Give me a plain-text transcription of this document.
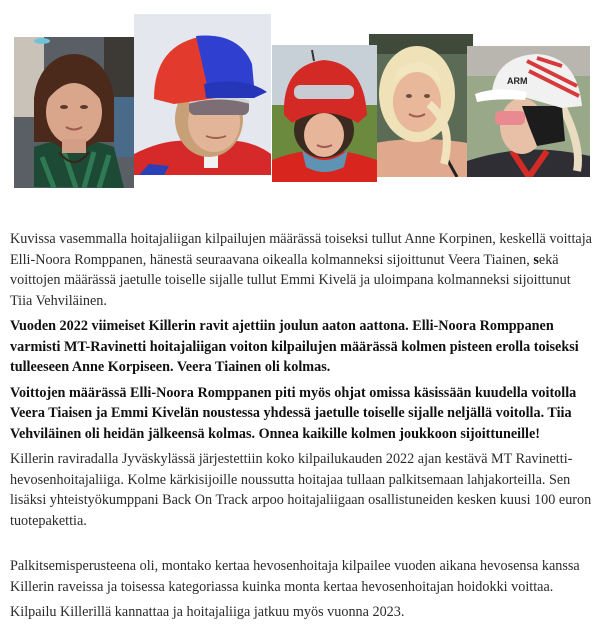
ARM

Kuvissa vasemmalla hoitajaliigan kilpailujen määrässä toiseksi tullut Anne Korpinen, keskellä voittaja Elli-Noora Romppanen, hänestä seuraavana oikealla kolmanneksi sijoittunut Veera Tiainen, sekä voittojen määrässä jaetulle toiselle sijalle tullut Emmi Kivelä ja uloimpana kolmanneksi sijoittunut Tiia Vehviläinen.

Vuoden 2022 viimeiset Killerin ravit ajettiin joulun aaton aattona. Elli-Noora Romppanen varmisti MT-Ravinetti hoitajaliigan voiton kilpailujen määrässä kolmen pisteen erolla toiseksi tulleeseen Anne Korpiseen. Veera Tiainen oli kolmas.

Voittojen määrässä Elli-Noora Romppanen piti myös ohjat omissa käsissään kuudella voitolla Veera Tiaisen ja Emmi Kivelän noustessa yhdessä jaetulle toiselle sijalle neljällä voitolla. Tiia Vehviläinen oli heidän jälkeensä kolmas. Onnea kaikille kolmen joukkoon sijoittuneille!

Killerin raviradalla Jyväskylässä järjestettiin koko kilpailukauden 2022 ajan kestävä MT Ravinetti-hevosenhoitajaliiga. Kolme kärkisijoille noussutta hoitajaa tullaan palkitsemaan lahjakorteilla. Sen lisäksi yhteistyökumppani Back On Track arpoo hoitajaliigaan osallistuneiden kesken kuusi 100 euron tuotepakettia.

Palkitsemisperusteena oli, montako kertaa hevosenhoitaja kilpailee vuoden aikana hevosensa kanssa Killerin raveissa ja toisessa kategoriassa kuinka monta kertaa hevosenhoitajan hoidokki voittaa.

Kilpailu Killerillä kannattaa ja hoitajaliiga jatkuu myös vuonna 2023.
